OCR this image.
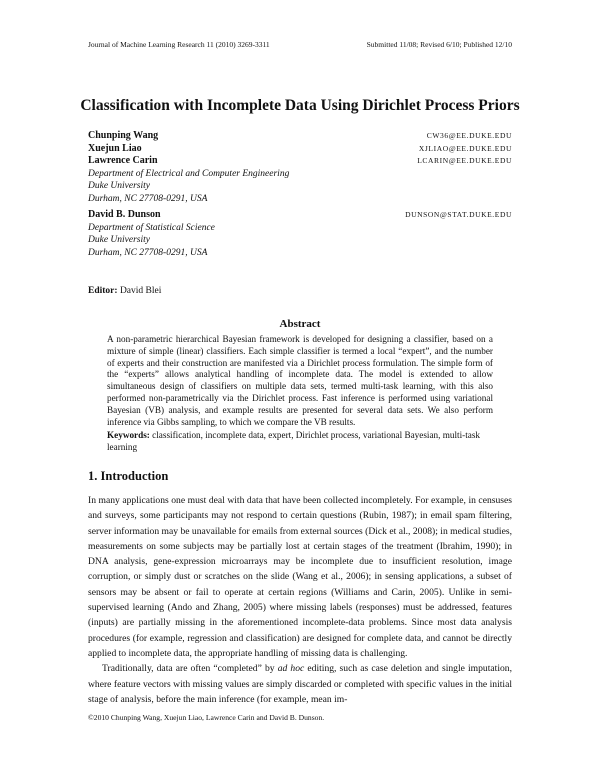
Journal of Machine Learning Research 11 (2010) 3269-3311	Submitted 11/08; Revised 6/10; Published 12/10
Classification with Incomplete Data Using Dirichlet Process Priors
Chunping Wang	CW36@EE.DUKE.EDU
Xuejun Liao	XJLIAO@EE.DUKE.EDU
Lawrence Carin	LCARIN@EE.DUKE.EDU
Department of Electrical and Computer Engineering
Duke University
Durham, NC 27708-0291, USA
David B. Dunson	DUNSON@STAT.DUKE.EDU
Department of Statistical Science
Duke University
Durham, NC 27708-0291, USA
Editor: David Blei
Abstract
A non-parametric hierarchical Bayesian framework is developed for designing a classifier, based on a mixture of simple (linear) classifiers. Each simple classifier is termed a local “expert”, and the number of experts and their construction are manifested via a Dirichlet process formulation. The simple form of the “experts” allows analytical handling of incomplete data. The model is extended to allow simultaneous design of classifiers on multiple data sets, termed multi-task learning, with this also performed non-parametrically via the Dirichlet process. Fast inference is performed using variational Bayesian (VB) analysis, and example results are presented for several data sets. We also perform inference via Gibbs sampling, to which we compare the VB results.
Keywords: classification, incomplete data, expert, Dirichlet process, variational Bayesian, multi-task learning
1. Introduction

In many applications one must deal with data that have been collected incompletely. For example, in censuses and surveys, some participants may not respond to certain questions (Rubin, 1987); in email spam filtering, server information may be unavailable for emails from external sources (Dick et al., 2008); in medical studies, measurements on some subjects may be partially lost at certain stages of the treatment (Ibrahim, 1990); in DNA analysis, gene-expression microarrays may be incomplete due to insufficient resolution, image corruption, or simply dust or scratches on the slide (Wang et al., 2006); in sensing applications, a subset of sensors may be absent or fail to operate at certain regions (Williams and Carin, 2005). Unlike in semi-supervised learning (Ando and Zhang, 2005) where missing labels (responses) must be addressed, features (inputs) are partially missing in the aforementioned incomplete-data problems. Since most data analysis procedures (for example, regression and classification) are designed for complete data, and cannot be directly applied to incomplete data, the appropriate handling of missing data is challenging.

Traditionally, data are often “completed” by ad hoc editing, such as case deletion and single imputation, where feature vectors with missing values are simply discarded or completed with specific values in the initial stage of analysis, before the main inference (for example, mean im-

©2010 Chunping Wang, Xuejun Liao, Lawrence Carin and David B. Dunson.
